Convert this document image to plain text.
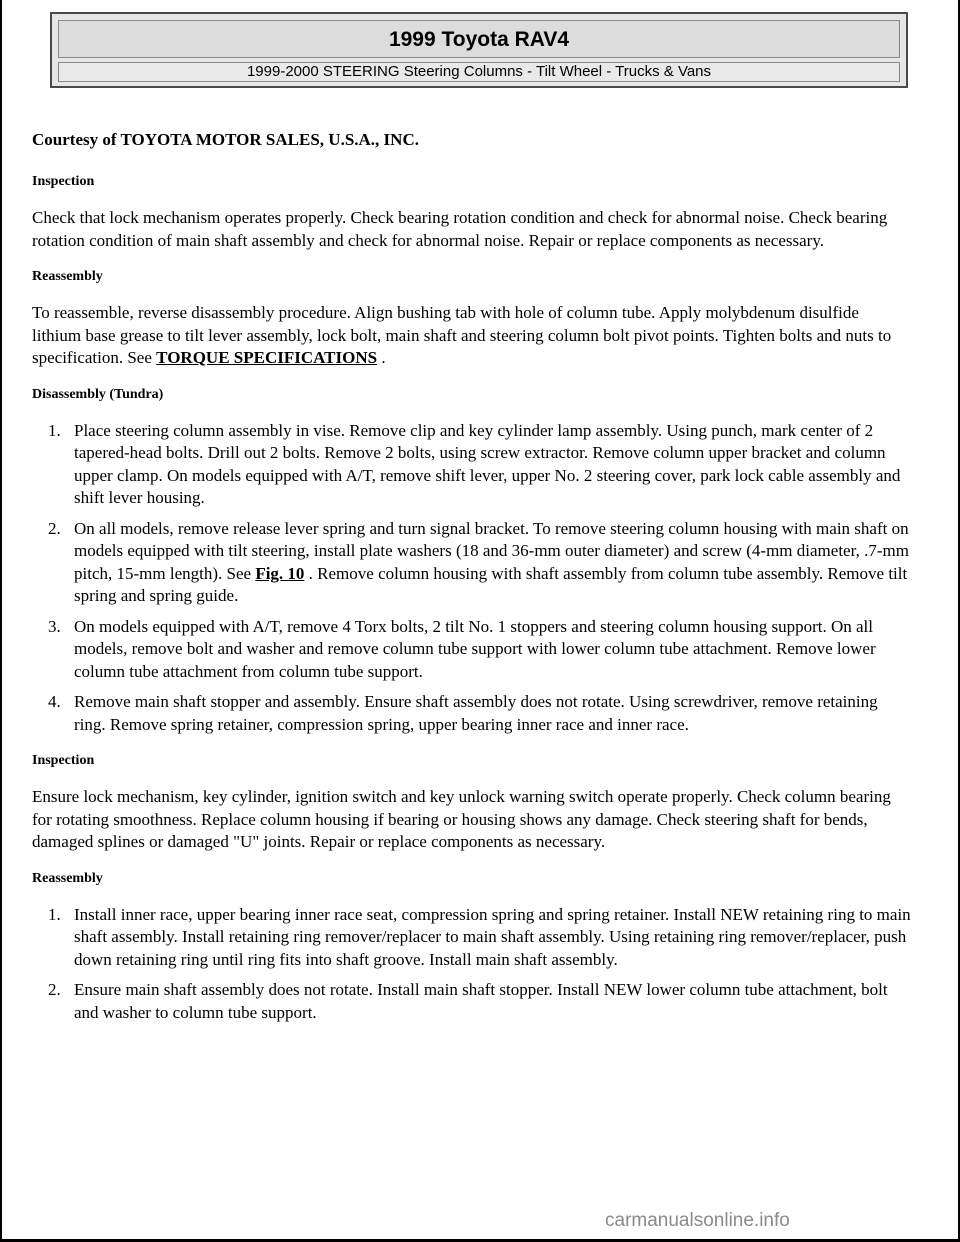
1999 Toyota RAV4
1999-2000 STEERING Steering Columns - Tilt Wheel - Trucks & Vans

Courtesy of TOYOTA MOTOR SALES, U.S.A., INC.

Inspection

Check that lock mechanism operates properly. Check bearing rotation condition and check for abnormal noise. Check bearing rotation condition of main shaft assembly and check for abnormal noise. Repair or replace components as necessary.

Reassembly

To reassemble, reverse disassembly procedure. Align bushing tab with hole of column tube. Apply molybdenum disulfide lithium base grease to tilt lever assembly, lock bolt, main shaft and steering column bolt pivot points. Tighten bolts and nuts to specification. See TORQUE SPECIFICATIONS .

Disassembly (Tundra)

1. Place steering column assembly in vise. Remove clip and key cylinder lamp assembly. Using punch, mark center of 2 tapered-head bolts. Drill out 2 bolts. Remove 2 bolts, using screw extractor. Remove column upper bracket and column upper clamp. On models equipped with A/T, remove shift lever, upper No. 2 steering cover, park lock cable assembly and shift lever housing.
2. On all models, remove release lever spring and turn signal bracket. To remove steering column housing with main shaft on models equipped with tilt steering, install plate washers (18 and 36-mm outer diameter) and screw (4-mm diameter, .7-mm pitch, 15-mm length). See Fig. 10 . Remove column housing with shaft assembly from column tube assembly. Remove tilt spring and spring guide.
3. On models equipped with A/T, remove 4 Torx bolts, 2 tilt No. 1 stoppers and steering column housing support. On all models, remove bolt and washer and remove column tube support with lower column tube attachment. Remove lower column tube attachment from column tube support.
4. Remove main shaft stopper and assembly. Ensure shaft assembly does not rotate. Using screwdriver, remove retaining ring. Remove spring retainer, compression spring, upper bearing inner race and inner race.

Inspection

Ensure lock mechanism, key cylinder, ignition switch and key unlock warning switch operate properly. Check column bearing for rotating smoothness. Replace column housing if bearing or housing shows any damage. Check steering shaft for bends, damaged splines or damaged "U" joints. Repair or replace components as necessary.

Reassembly

1. Install inner race, upper bearing inner race seat, compression spring and spring retainer. Install NEW retaining ring to main shaft assembly. Install retaining ring remover/replacer to main shaft assembly. Using retaining ring remover/replacer, push down retaining ring until ring fits into shaft groove. Install main shaft assembly.
2. Ensure main shaft assembly does not rotate. Install main shaft stopper. Install NEW lower column tube attachment, bolt and washer to column tube support.
carmanualsonline.info
